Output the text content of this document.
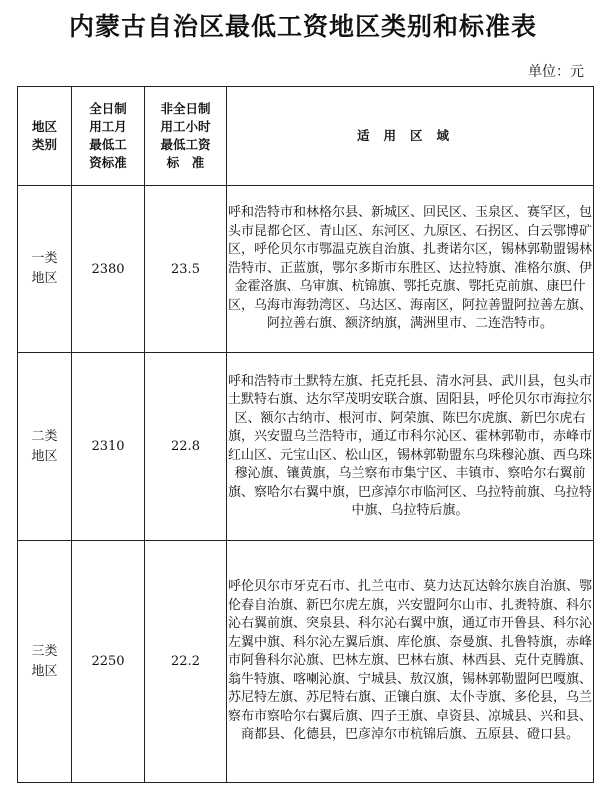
内蒙古自治区最低工资地区类别和标准表
单位：元
地区
类别	全日制
用工月
最低工
资标准	非全日制
用工小时
最低工资
标　准	适用区域
一类
地区	2380	23.5	呼和浩特市和林格尔县、新城区、回民区、玉泉区、赛罕区，包头市昆都仑区、青山区、东河区、九原区、石拐区、白云鄂博矿区，呼伦贝尔市鄂温克族自治旗、扎赉诺尔区，锡林郭勒盟锡林浩特市、正蓝旗，鄂尔多斯市东胜区、达拉特旗、准格尔旗、伊金霍洛旗、乌审旗、杭锦旗、鄂托克旗、鄂托克前旗、康巴什区，乌海市海勃湾区、乌达区、海南区，阿拉善盟阿拉善左旗、阿拉善右旗、额济纳旗，满洲里市、二连浩特市。
二类
地区	2310	22.8	呼和浩特市土默特左旗、托克托县、清水河县、武川县，包头市土默特右旗、达尔罕茂明安联合旗、固阳县，呼伦贝尔市海拉尔区、额尔古纳市、根河市、阿荣旗、陈巴尔虎旗、新巴尔虎右旗，兴安盟乌兰浩特市，通辽市科尔沁区、霍林郭勒市，赤峰市红山区、元宝山区、松山区，锡林郭勒盟东乌珠穆沁旗、西乌珠穆沁旗、镶黄旗，乌兰察布市集宁区、丰镇市、察哈尔右翼前旗、察哈尔右翼中旗，巴彦淖尔市临河区、乌拉特前旗、乌拉特中旗、乌拉特后旗。
三类
地区	2250	22.2	呼伦贝尔市牙克石市、扎兰屯市、莫力达瓦达斡尔族自治旗、鄂伦春自治旗、新巴尔虎左旗，兴安盟阿尔山市、扎赉特旗、科尔沁右翼前旗、突泉县、科尔沁右翼中旗，通辽市开鲁县、科尔沁左翼中旗、科尔沁左翼后旗、库伦旗、奈曼旗、扎鲁特旗，赤峰市阿鲁科尔沁旗、巴林左旗、巴林右旗、林西县、克什克腾旗、翁牛特旗、喀喇沁旗、宁城县、敖汉旗，锡林郭勒盟阿巴嘎旗、苏尼特左旗、苏尼特右旗、正镶白旗、太仆寺旗、多伦县，乌兰察布市察哈尔右翼后旗、四子王旗、卓资县、凉城县、兴和县、商都县、化德县，巴彦淖尔市杭锦后旗、五原县、磴口县。
